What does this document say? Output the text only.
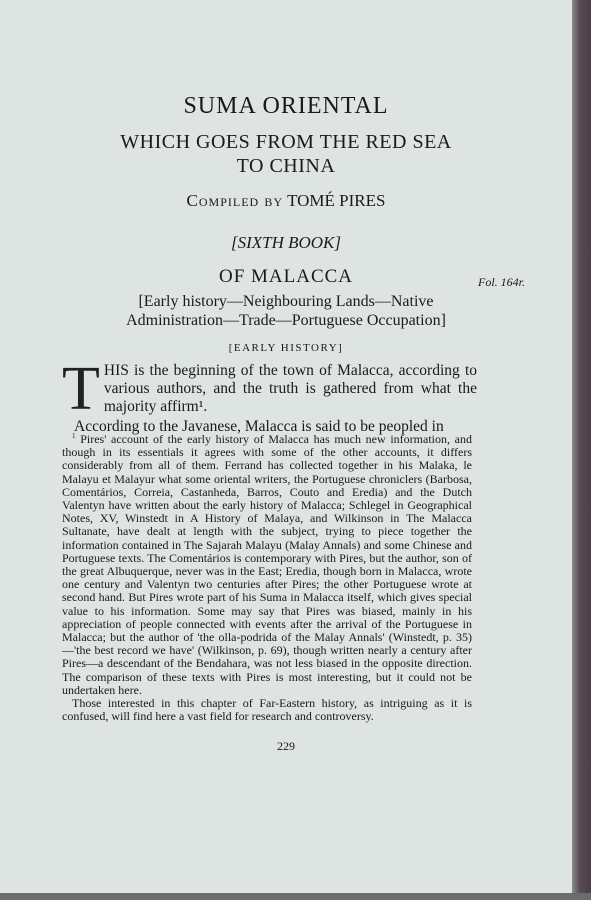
SUMA ORIENTAL
WHICH GOES FROM THE RED SEA
TO CHINA
Compiled by TOMÉ PIRES
[SIXTH BOOK]
OF MALACCA	Fol. 164r.
[Early history—Neighbouring Lands—Native
Administration—Trade—Portuguese Occupation]
[EARLY HISTORY]
T HIS is the beginning of the town of Malacca, according to various authors, and the truth is gathered from what the majority affirm¹.

According to the Javanese, Malacca is said to be peopled in

$^1$ Pires' account of the early history of Malacca has much new information, and though in its essentials it agrees with some of the other accounts, it differs considerably from all of them. Ferrand has collected together in his Malaka, le Malayu et Malayur what some oriental writers, the Portuguese chroniclers (Barbosa, Comentários, Correia, Castanheda, Barros, Couto and Eredia) and the Dutch Valentyn have written about the early history of Malacca; Schlegel in Geographical Notes, XV, Winstedt in A History of Malaya, and Wilkinson in The Malacca Sultanate, have dealt at length with the subject, trying to piece together the information contained in The Sajarah Malayu (Malay Annals) and some Chinese and Portuguese texts. The Comentários is contemporary with Pires, but the author, son of the great Albuquerque, never was in the East; Eredia, though born in Malacca, wrote one century and Valentyn two centuries after Pires; the other Portuguese wrote at second hand. But Pires wrote part of his Suma in Malacca itself, which gives special value to his information. Some may say that Pires was biased, mainly in his appreciation of people connected with events after the arrival of the Portuguese in Malacca; but the author of 'the olla-podrida of the Malay Annals' (Winstedt, p. 35)—'the best record we have' (Wilkinson, p. 69), though written nearly a century after Pires—a descendant of the Bendahara, was not less biased in the opposite direction. The comparison of these texts with Pires is most interesting, but it could not be undertaken here.

Those interested in this chapter of Far-Eastern history, as intriguing as it is confused, will find here a vast field for research and controversy.

229
